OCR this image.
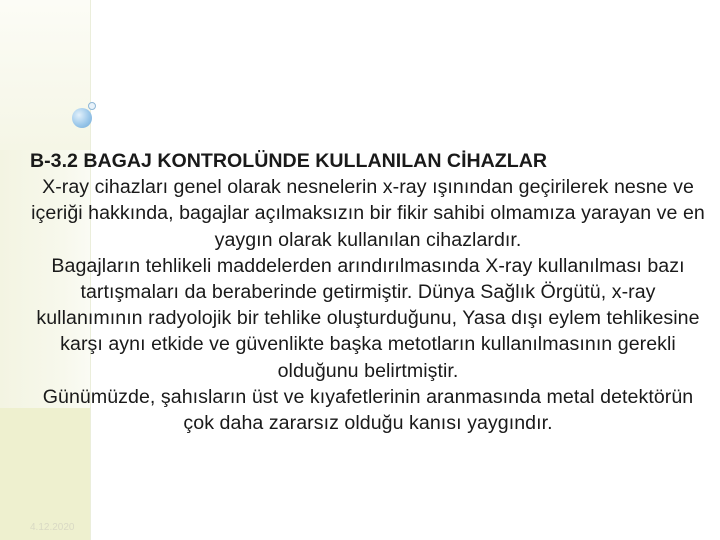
B-3.2 BAGAJ KONTROLÜNDE KULLANILAN CİHAZLAR

X-ray cihazları genel olarak nesnelerin x-ray ışınından geçirilerek nesne ve içeriği hakkında, bagajlar açılmaksızın bir fikir sahibi olmamıza yarayan ve en yaygın olarak kullanılan cihazlardır.

Bagajların tehlikeli maddelerden arındırılmasında X-ray kullanılması bazı tartışmaları da beraberinde getirmiştir. Dünya Sağlık Örgütü, x-ray kullanımının radyolojik bir tehlike oluşturduğunu, Yasa dışı eylem tehlikesine karşı aynı etkide ve güvenlikte başka metotların kullanılmasının gerekli olduğunu belirtmiştir.

Günümüzde, şahısların üst ve kıyafetlerinin aranmasında metal detektörün çok daha zararsız olduğu kanısı yaygındır.

4.12.2020
